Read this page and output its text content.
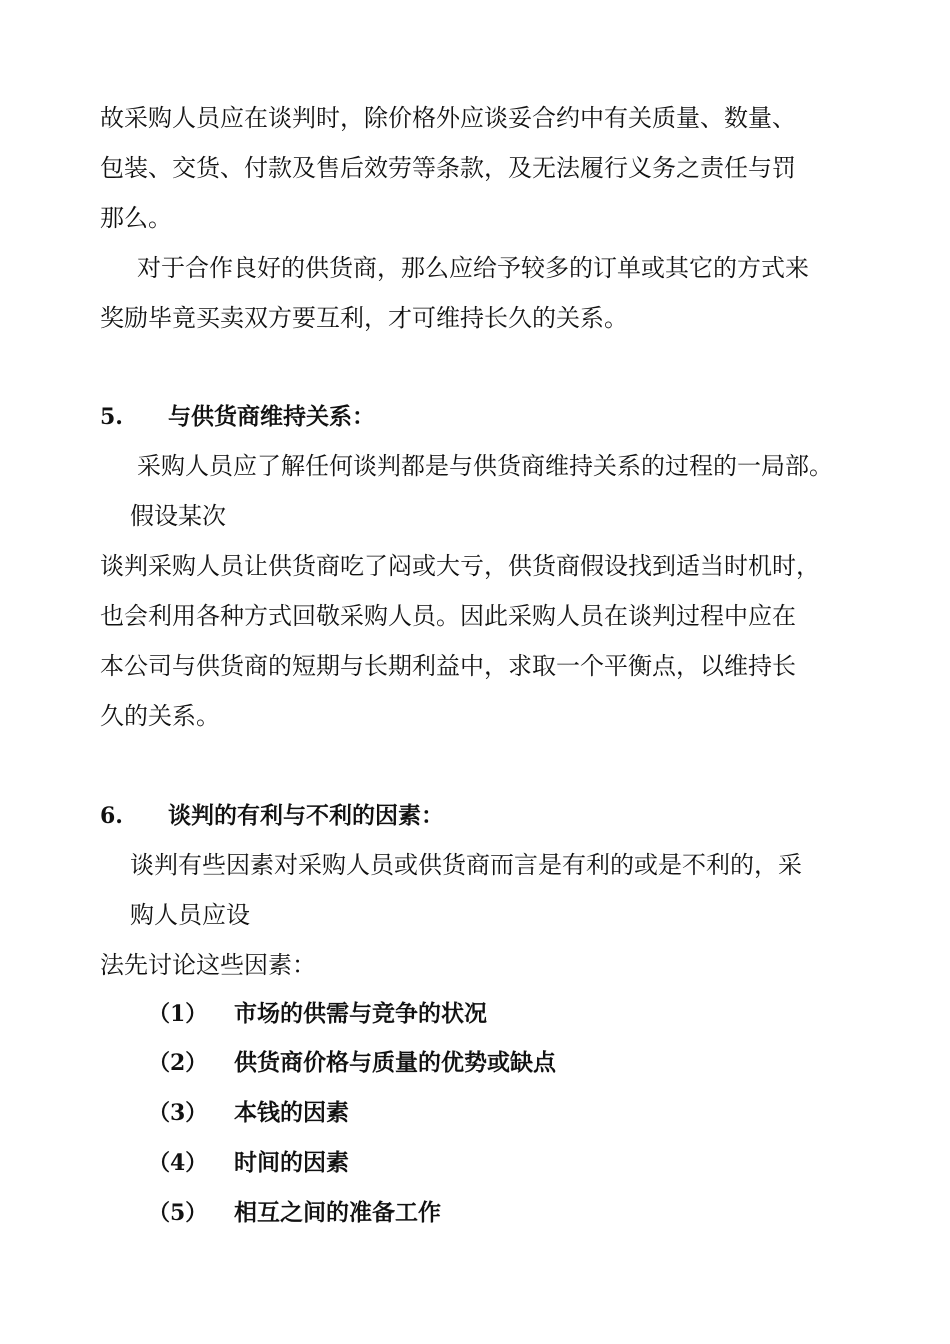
故采购人员应在谈判时，除价格外应谈妥合约中有关质量、数量、
包装、交货、付款及售后效劳等条款，及无法履行义务之责任与罚
那么。
对于合作良好的供货商，那么应给予较多的订单或其它的方式来
奖励毕竟买卖双方要互利，才可维持长久的关系。
5. 与供货商维持关系：
采购人员应了解任何谈判都是与供货商维持关系的过程的一局部。
假设某次
谈判采购人员让供货商吃了闷或大亏，供货商假设找到适当时机时，
也会利用各种方式回敬采购人员。因此采购人员在谈判过程中应在
本公司与供货商的短期与长期利益中，求取一个平衡点，以维持长
久的关系。
6. 谈判的有利与不利的因素：
谈判有些因素对采购人员或供货商而言是有利的或是不利的，采
购人员应设
法先讨论这些因素：
（1） 市场的供需与竞争的状况
（2） 供货商价格与质量的优势或缺点
（3） 本钱的因素
（4） 时间的因素
（5） 相互之间的准备工作
